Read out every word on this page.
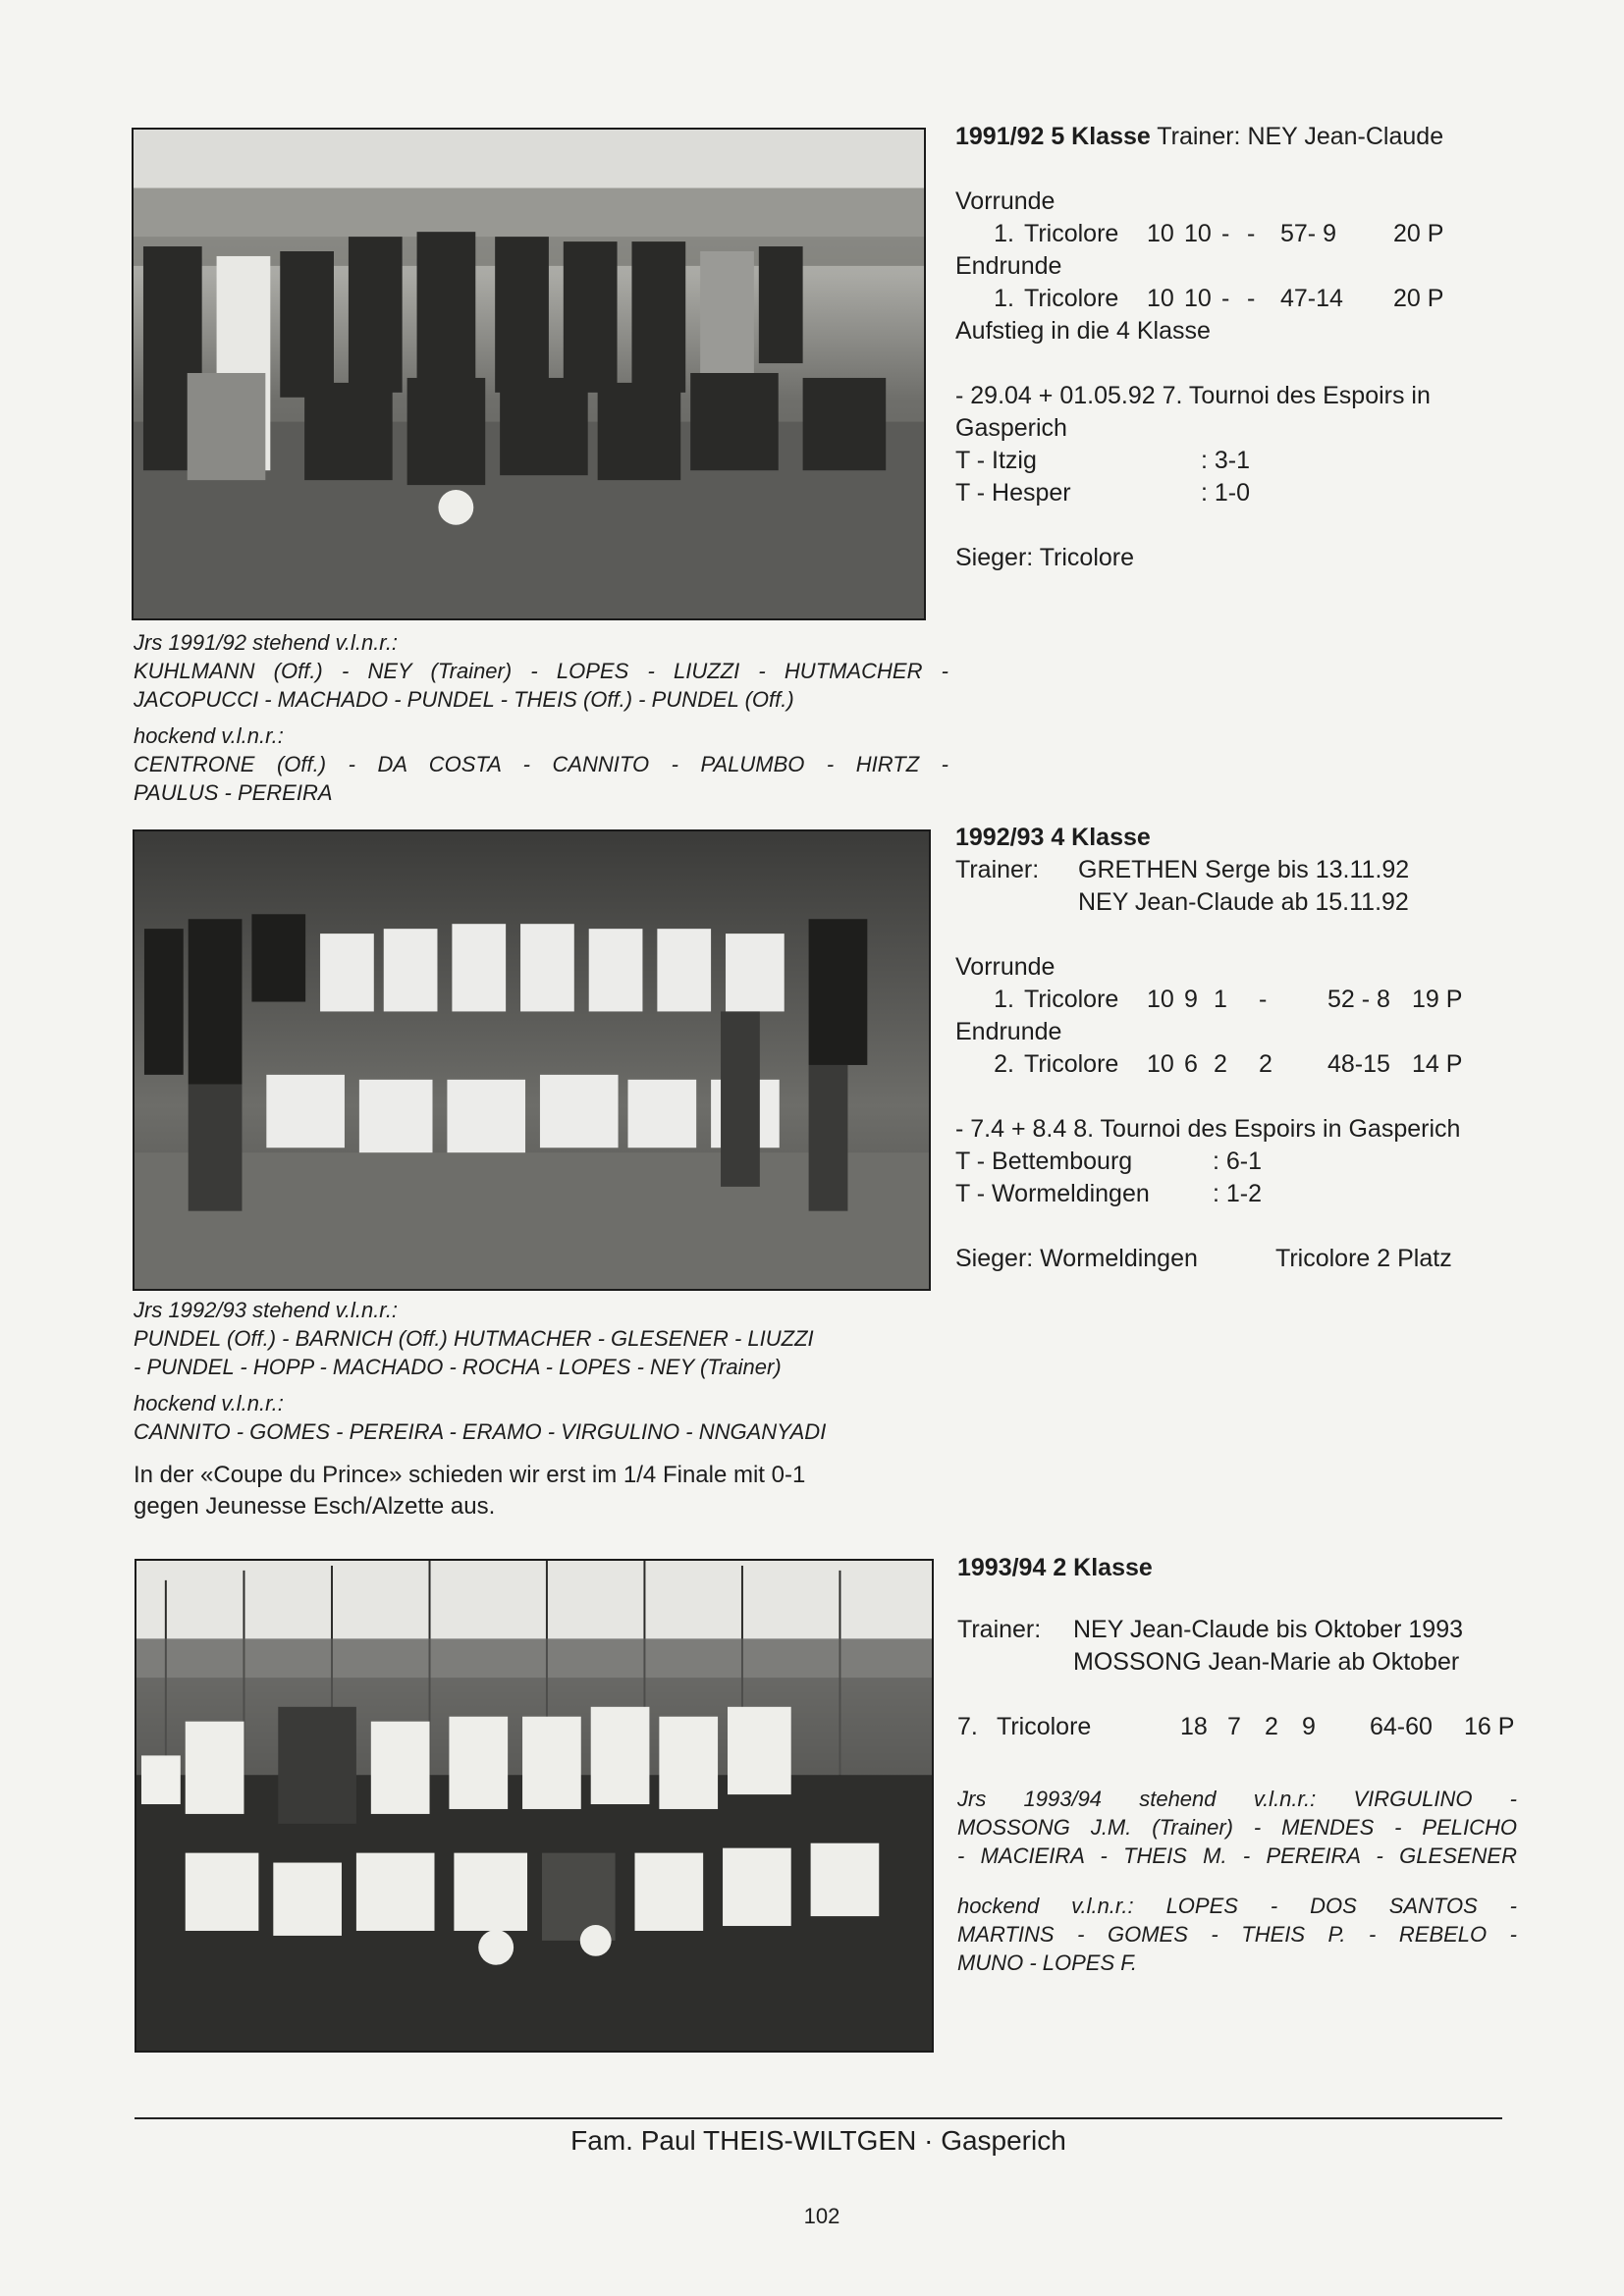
1991/92 5 Klasse Trainer: NEY Jean-Claude

Vorrunde

1. Tricolore	10 10 - -	57- 9	20 P

Endrunde

1. Tricolore	10 10 - -	47-14	20 P

Aufstieg in die 4 Klasse

- 29.04 + 01.05.92 7. Tournoi des Espoirs in

Gasperich

T - Itzig	: 3-1
T - Hesper	: 1-0

Sieger: Tricolore

Jrs 1991/92 stehend v.l.n.r.:

KUHLMANN (Off.) - NEY (Trainer) - LOPES - LIUZZI - HUTMACHER -

JACOPUCCI - MACHADO - PUNDEL - THEIS (Off.) - PUNDEL (Off.)

hockend v.l.n.r.:

CENTRONE (Off.) - DA COSTA - CANNITO - PALUMBO - HIRTZ -

PAULUS - PEREIRA

1992/93 4 Klasse

Trainer:	GRETHEN Serge bis 13.11.92
NEY Jean-Claude ab 15.11.92

Vorrunde

1. Tricolore	10 9 1	-	52 - 8 19 P

Endrunde

2. Tricolore	10 6 2	2	48-15 14 P

- 7.4 + 8.4 8. Tournoi des Espoirs in Gasperich

T - Bettembourg	: 6-1
T - Wormeldingen	: 1-2
Sieger: Wormeldingen	Tricolore 2 Platz

Jrs 1992/93 stehend v.l.n.r.:

PUNDEL (Off.) - BARNICH (Off.) HUTMACHER - GLESENER - LIUZZI

- PUNDEL - HOPP - MACHADO - ROCHA - LOPES - NEY (Trainer)

hockend v.l.n.r.:

CANNITO - GOMES - PEREIRA - ERAMO - VIRGULINO - NNGANYADI

In der «Coupe du Prince» schieden wir erst im 1/4 Finale mit 0-1

gegen Jeunesse Esch/Alzette aus.

1993/94 2 Klasse

Trainer:	NEY Jean-Claude bis Oktober 1993
MOSSONG Jean-Marie ab Oktober
7. Tricolore	18 7 2 9	64-60	16 P

Jrs 1993/94 stehend v.l.n.r.: VIRGULINO -

MOSSONG J.M. (Trainer) - MENDES - PELICHO

- MACIEIRA - THEIS M. - PEREIRA - GLESENER

hockend v.l.n.r.: LOPES - DOS SANTOS -

MARTINS - GOMES - THEIS P. - REBELO -

MUNO - LOPES F.

Fam. Paul THEIS-WILTGEN · Gasperich
102
